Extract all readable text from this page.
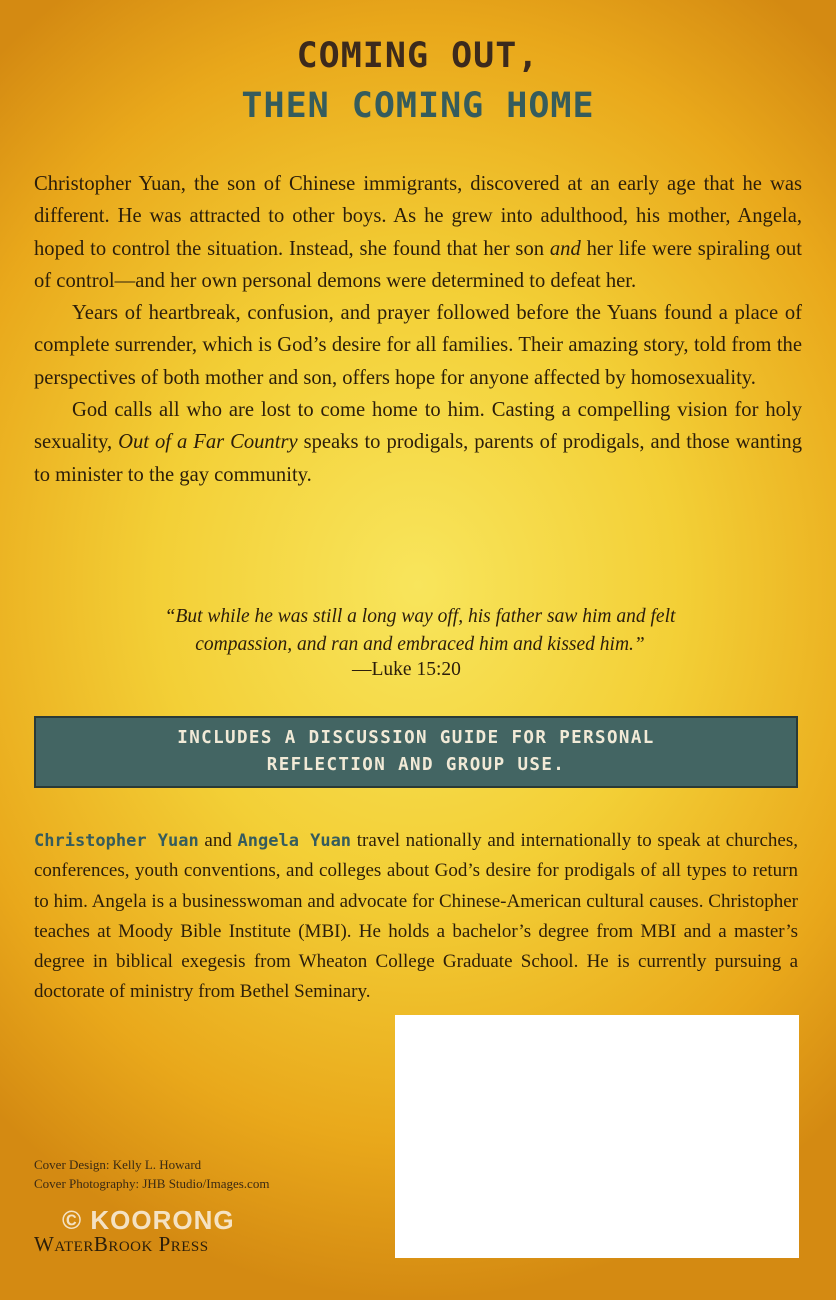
COMING OUT,
THEN COMING HOME

Christopher Yuan, the son of Chinese immigrants, discovered at an early age that he was different. He was attracted to other boys. As he grew into adulthood, his mother, Angela, hoped to control the situation. Instead, she found that her son and her life were spiraling out of control—and her own personal demons were determined to defeat her.

Years of heartbreak, confusion, and prayer followed before the Yuans found a place of complete surrender, which is God’s desire for all families. Their amazing story, told from the perspectives of both mother and son, offers hope for anyone affected by homosexuality.

God calls all who are lost to come home to him. Casting a compelling vision for holy sexuality, Out of a Far Country speaks to prodigals, parents of prodigals, and those wanting to minister to the gay community.

“But while he was still a long way off, his father saw him and felt
compassion, and ran and embraced him and kissed him.”
—Luke 15:20
INCLUDES A DISCUSSION GUIDE FOR PERSONAL
REFLECTION AND GROUP USE.
Christopher Yuan and Angela Yuan travel nationally and internationally to speak at churches, conferences, youth conventions, and colleges about God’s desire for prodigals of all types to return to him. Angela is a businesswoman and advocate for Chinese-American cultural causes. Christopher teaches at Moody Bible Institute (MBI). He holds a bachelor’s degree from MBI and a master’s degree in biblical exegesis from Wheaton College Graduate School. He is currently pursuing a doctorate of ministry from Bethel Seminary.
Cover Design: Kelly L. Howard
Cover Photography: JHB Studio/Images.com
© KOORONG
WaterBrook Press
